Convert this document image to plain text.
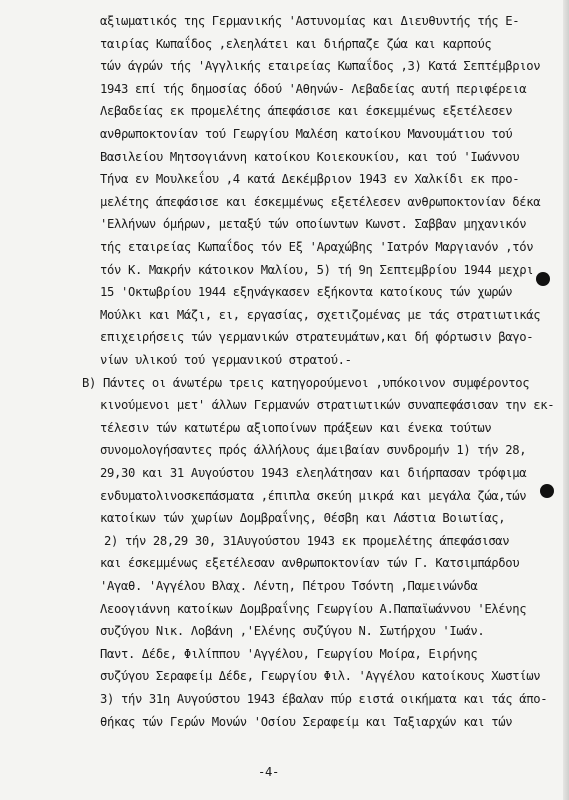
αξιωματικός της Γερμανικής 'Αστυνομίας και Διευθυντής τής Ε-
ταιρίας Κωπαΐδος ,ελεηλάτει και διήρπαζε ζώα και καρπούς
τών άγρών τής 'Αγγλικής εταιρείας Κωπαΐδος ,3) Κατά Σεπτέμβριον
1943 επί τής δημοσίας όδού 'Αθηνών- Λεβαδείας αυτή περιφέρεια
Λεβαδείας εκ προμελέτης άπεφάσισε και έσκεμμένως εξετέλεσεν
ανθρωποκτονίαν τού Γεωργίου Μαλέση κατοίκου Μανουμάτιου τού
Βασιλείου Μητσογιάννη κατοίκου Κοιεκουκίου, και τού 'Ιωάννου
Τήνα εν Μουλκεΐου ,4 κατά Δεκέμβριον 1943 εν Χαλκίδι εκ προ-
μελέτης άπεφάσισε και έσκεμμένως εξετέλεσεν ανθρωποκτονίαν δέκα
'Ελλήνων όμήρων, μεταξύ τών οποίωντων Κωνστ. Σαββαν μηχανικόν
τής εταιρείας Κωπαΐδος τόν Εξ 'Αραχώβης 'Ιατρόν Μαργιανόν ,τόν
τόν Κ. Μακρήν κάτοικον Μαλίου, 5) τή 9η Σεπτεμβρίου 1944 μεχρι
15 'Οκτωβρίου 1944 εξηνάγκασεν εξήκοντα κατοίκους τών χωρών
Μούλκι και Μάζι, ει, εργασίας, σχετιζομένας με τάς στρατιωτικάς
επιχειρήσεις τών γερμανικών στρατευμάτων,και δή φόρτωσιν βαγο-
νίων υλικού τού γερμανικού στρατού.-
Β) Πάντες οι άνωτέρω τρεις κατηγορούμενοι ,υπόκοινον συμφέροντος
κινούμενοι μετ' άλλων Γερμανών στρατιωτικών συναπεφάσισαν την εκ-
τέλεσιν τών κατωτέρω αξιοποίνων πράξεων και ένεκα τούτων
συνομολογήσαντες πρός άλλήλους άμειβαίαν συνδρομήν 1) τήν 28,
29,30 και 31 Αυγούστου 1943 ελεηλάτησαν και διήρπασαν τρόφιμα
ενδυματολινοσκεπάσματα ,έπιπλα σκεύη μικρά και μεγάλα ζώα,τών
κατοίκων τών χωρίων Δομβραΐνης, Θέσβη και Λάστια Βοιωτίας,
2) τήν 28,29 30, 31Αυγούστου 1943 εκ προμελέτης άπεφάσισαν
και έσκεμμένως εξετέλεσαν ανθρωποκτονίαν τών Γ. Κατσιμπάρδου
'Αγαθ. 'Αγγέλου Βλαχ. Λέντη, Πέτρου Τσόντη ,Παμεινώνδα
Λεοογιάννη κατοίκων Δομβραΐνης Γεωργίου Α.Παπαϊωάννου 'Ελένης
συζύγου Νικ. Λοβάνη ,'Ελένης συζύγου Ν. Σωτήρχου 'Ιωάν.
Παντ. Δέδε, Φιλίππου 'Αγγέλου, Γεωργίου Μοίρα, Ειρήνης
συζύγου Σεραφείμ Δέδε, Γεωργίου Φιλ. 'Αγγέλου κατοίκους Χωστίων
3) τήν 31η Αυγούστου 1943 έβαλαν πύρ ειστά οικήματα και τάς άπο-
θήκας τών Γερών Μονών 'Οσίου Σεραφείμ και Ταξιαρχών και τών
-4-
